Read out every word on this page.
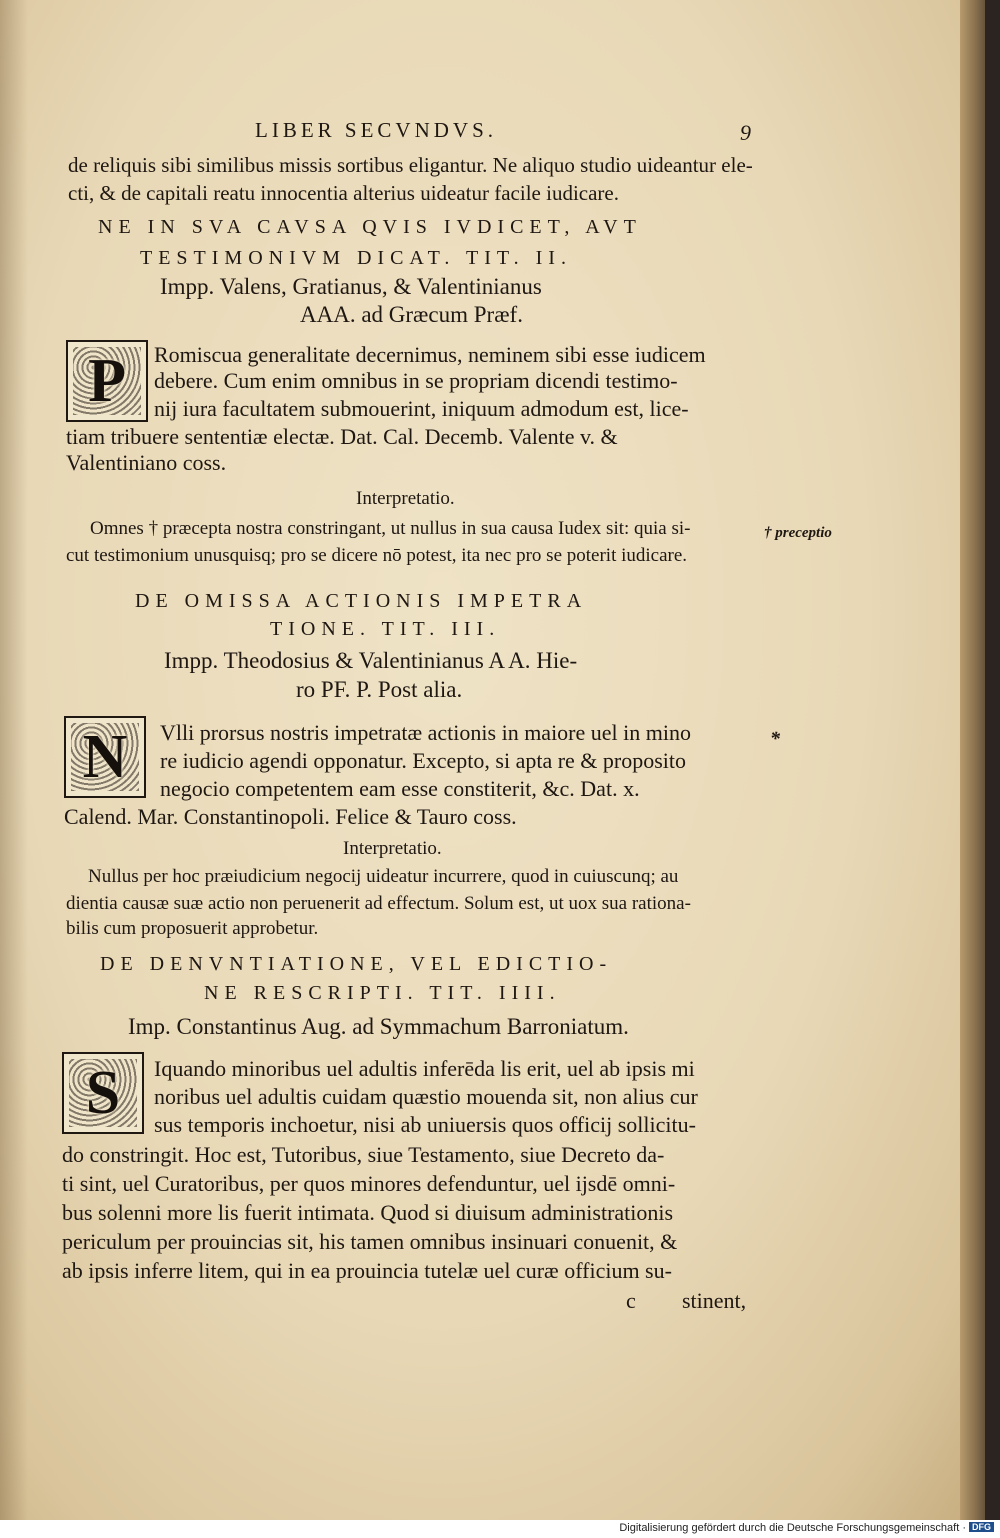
LIBER SECVNDVS.	9
de reliquis sibi similibus missis sortibus eligantur. Ne aliquo studio uideantur ele-
cti, & de capitali reatu innocentia alterius uideatur facile iudicare.
NE IN SVA CAVSA QVIS IVDICET, AVT
TESTIMONIVM DICAT. TIT. II.
Impp. Valens, Gratianus, & Valentinianus
AAA. ad Græcum Præf.
P Romiscua generalitate decernimus, neminem sibi esse iudicem
debere. Cum enim omnibus in se propriam dicendi testimo-
nij iura facultatem submouerint, iniquum admodum est, lice-
tiam tribuere sententiæ electæ. Dat. Cal. Decemb. Valente v. &
Valentiniano coss.
Interpretatio.
Omnes † præcepta nostra constringant, ut nullus in sua causa Iudex sit: quia si-
cut testimonium unusquisq; pro se dicere nō potest, ita nec pro se poterit iudicare.
† preceptio
DE OMISSA ACTIONIS IMPETRA
TIONE. TIT. III.
Impp. Theodosius & Valentinianus A A. Hie-
ro PF. P. Post alia.
N Vlli prorsus nostris impetratæ actionis in maiore uel in mino
re iudicio agendi opponatur. Excepto, si apta re & proposito
negocio competentem eam esse constiterit, &c. Dat. x.
Calend. Mar. Constantinopoli. Felice & Tauro coss.
*
Interpretatio.
Nullus per hoc præiudicium negocij uideatur incurrere, quod in cuiuscunq; au
dientia causæ suæ actio non peruenerit ad effectum. Solum est, ut uox sua rationa-
bilis cum proposuerit approbetur.
DE DENVNTIATIONE, VEL EDICTIO-
NE RESCRIPTI. TIT. IIII.
Imp. Constantinus Aug. ad Symmachum Barroniatum.
S Iquando minoribus uel adultis inferēda lis erit, uel ab ipsis mi
noribus uel adultis cuidam quæstio mouenda sit, non alius cur
sus temporis inchoetur, nisi ab uniuersis quos officij sollicitu-
do constringit. Hoc est, Tutoribus, siue Testamento, siue Decreto da-
ti sint, uel Curatoribus, per quos minores defenduntur, uel ijsdē omni-
bus solenni more lis fuerit intimata. Quod si diuisum administrationis
periculum per prouincias sit, his tamen omnibus insinuari conuenit, &
ab ipsis inferre litem, qui in ea prouincia tutelæ uel curæ officium su-
c stinent,
Digitalisierung gefördert durch die Deutsche Forschungsgemeinschaft · DFG
